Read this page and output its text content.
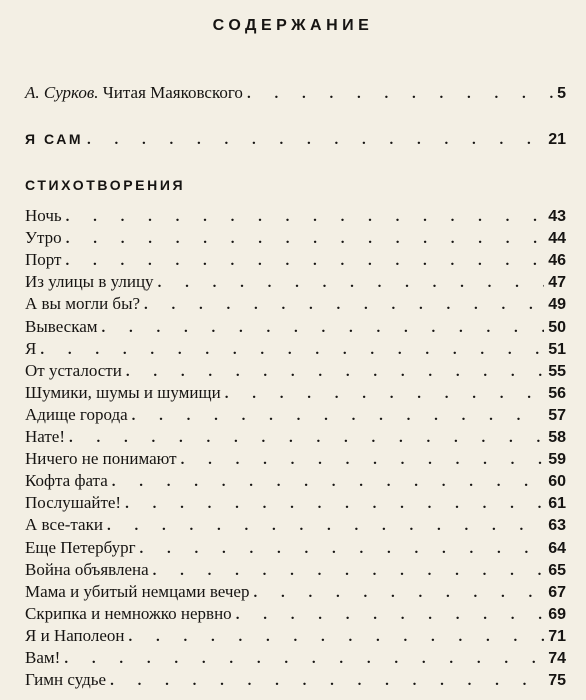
СОДЕРЖАНИЕ
А. Сурков. Читая Маяковского . . .	5
Я САМ . . .	21
СТИХОТВОРЕНИЯ
Ночь . . .	43
Утро . . .	44
Порт . . .	46
Из улицы в улицу . . .	47
А вы могли бы? . . .	49
Вывескам . . .	50
Я . . .	51
От усталости . . .	55
Шумики, шумы и шумищи . . .	56
Адище города . . .	57
Нате! . . .	58
Ничего не понимают . . .	59
Кофта фата . . .	60
Послушайте! . . .	61
А все-таки . . .	63
Еще Петербург . . .	64
Война объявлена . . .	65
Мама и убитый немцами вечер . . .	67
Скрипка и немножко нервно . . .	69
Я и Наполеон . . .	71
Вам! . . .	74
Гимн судье . . .	75
